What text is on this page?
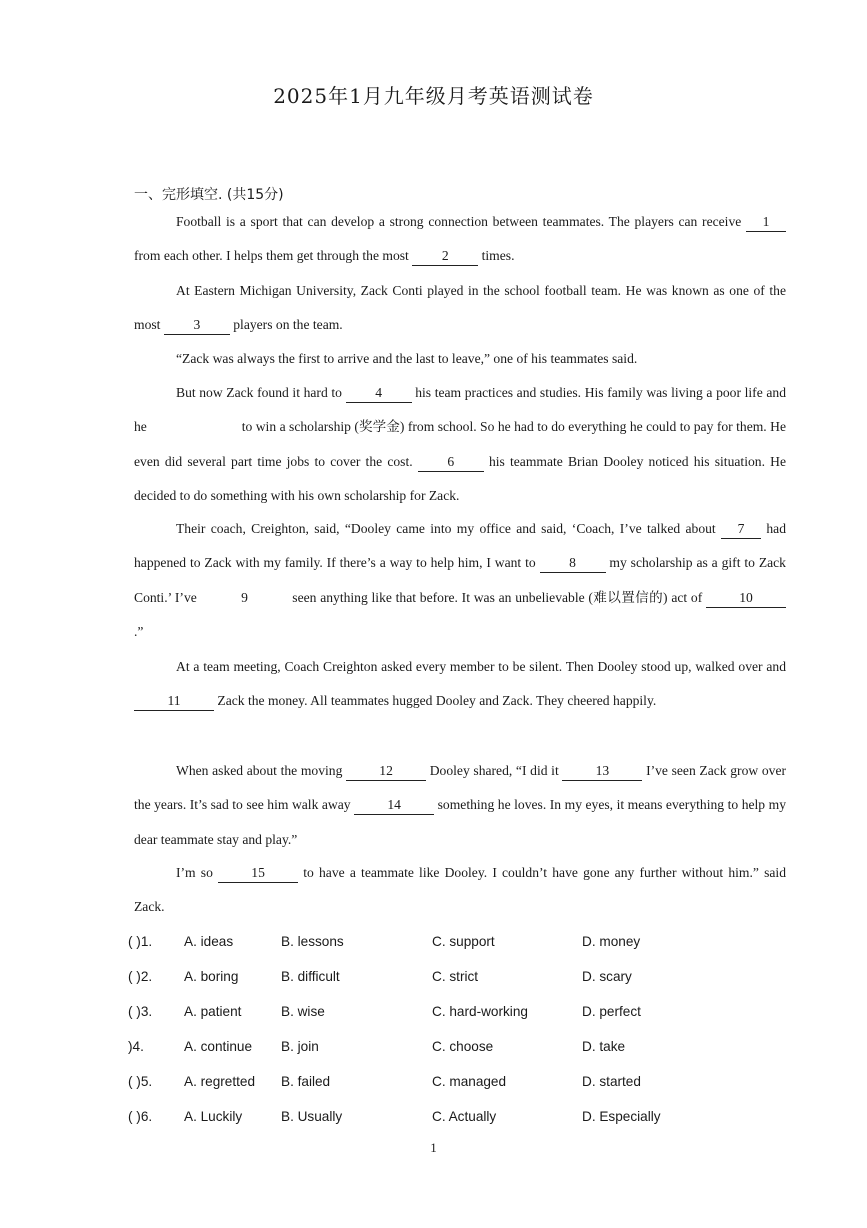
2025年1月九年级月考英语测试卷
一、完形填空. (共15分)

Football is a sport that can develop a strong connection between teammates. The players can receive 1 from each other. I helps them get through the most 2 times.

At Eastern Michigan University, Zack Conti played in the school football team. He was known as one of the most 3 players on the team.

“Zack was always the first to arrive and the last to leave,” one of his teammates said.

But now Zack found it hard to 4 his team practices and studies. His family was living a poor life and he	to win a scholarship (奖学金) from school. So he had to do everything he could to pay for them. He even did several part time jobs to cover the cost. 6 his teammate Brian Dooley noticed his situation. He decided to do something with his own scholarship for Zack.

Their coach, Creighton, said, “Dooley came into my office and said, ‘Coach, I’ve talked about 7 had happened to Zack with my family. If there’s a way to help him, I want to 8 my scholarship as a gift to Zack Conti.’ I’ve	9	seen anything like that before. It was an unbelievable (难以置信的) act of 10.”

At a team meeting, Coach Creighton asked every member to be silent. Then Dooley stood up, walked over and 11 Zack the money. All teammates hugged Dooley and Zack. They cheered happily.

When asked about the moving 12 Dooley shared, “I did it 13 I’ve seen Zack grow over the years. It’s sad to see him walk away 14 something he loves. In my eyes, it means everything to help my dear teammate stay and play.”

I’m so 15 to have a teammate like Dooley. I couldn’t have gone any further without him.” said Zack.

( )1. A. ideas	B. lessons	C. support	D. money
( )2. A. boring	B. difficult	C. strict	D. scary
( )3. A. patient	B. wise	C. hard-working	D. perfect
)4.	A. continue B. join	C. choose	D. take
( )5. A. regretted B. failed	C. managed	D. started
( )6. A. Luckily	B. Usually	C. Actually	D. Especially
1
